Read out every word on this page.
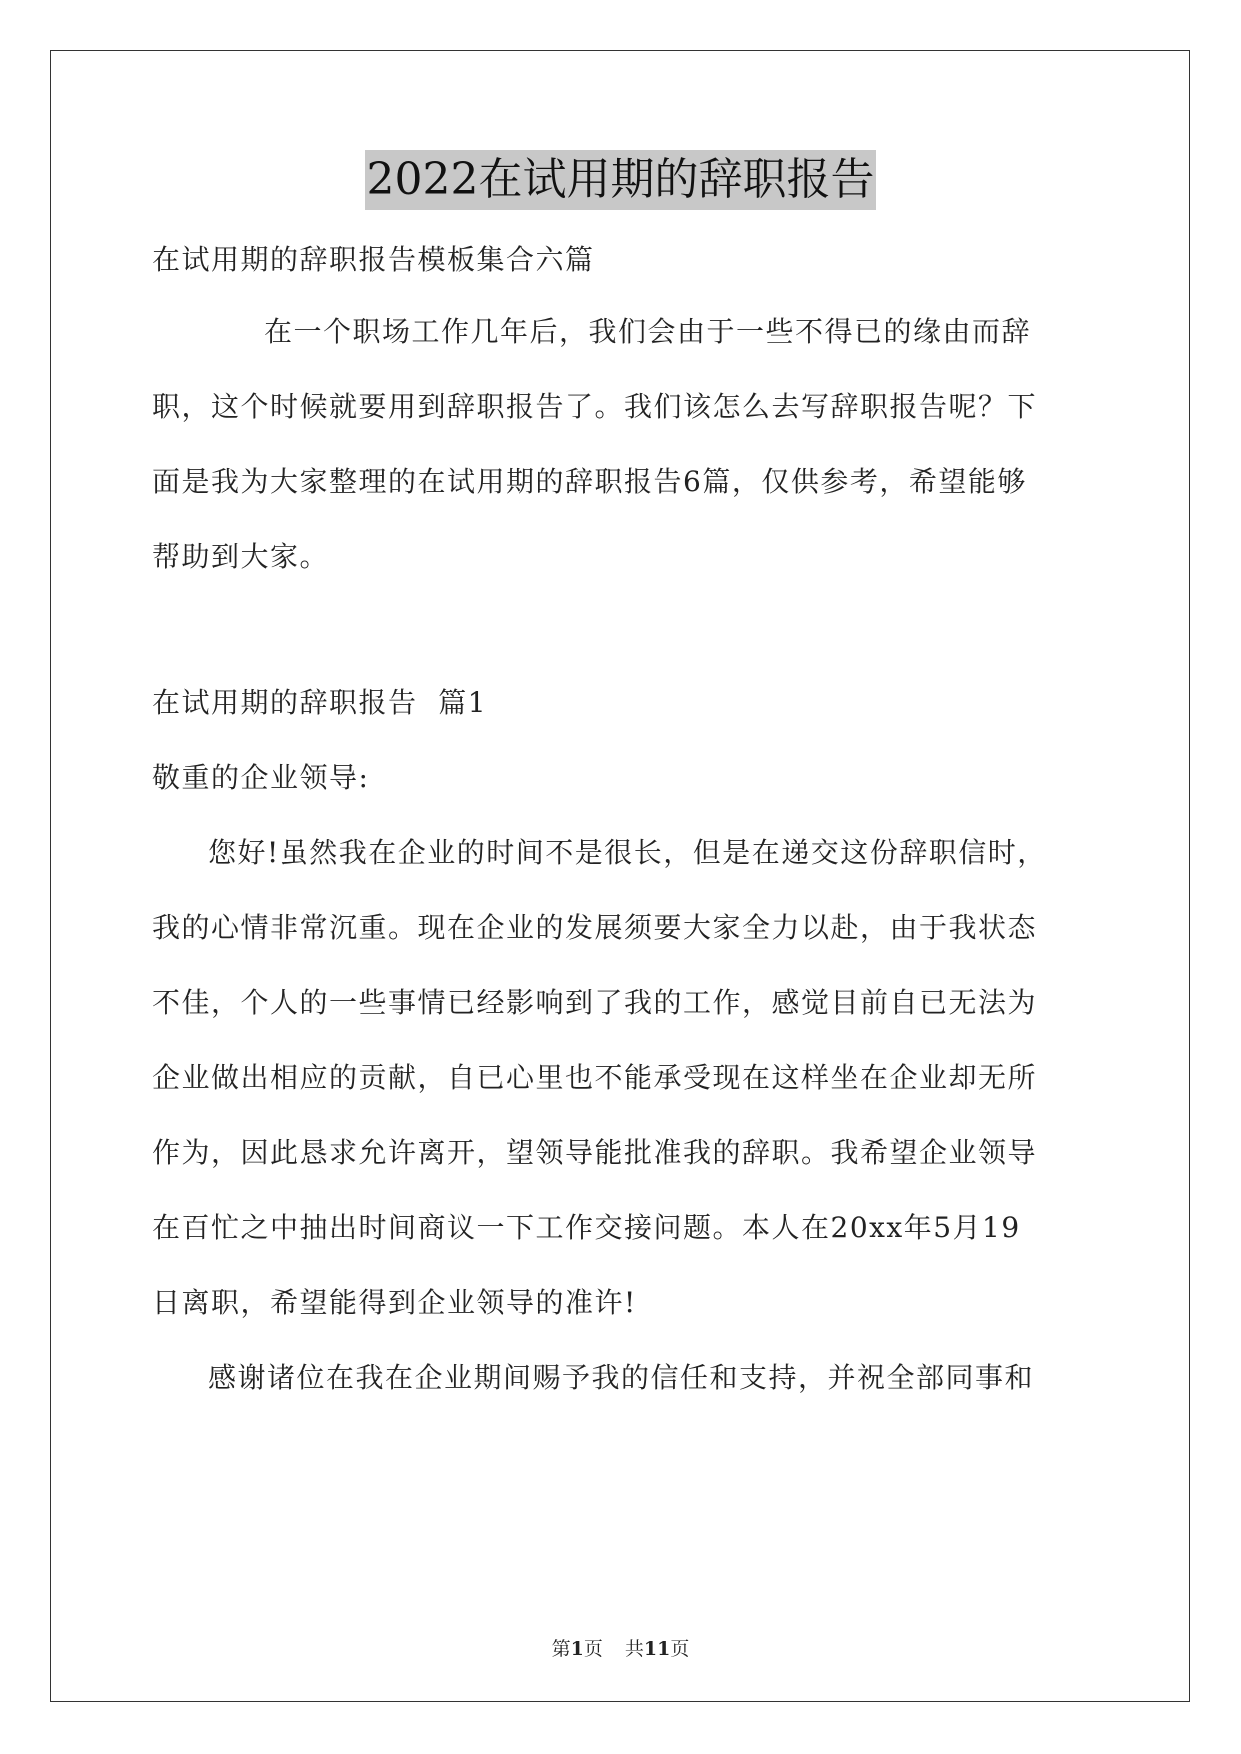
2022在试用期的辞职报告
在试用期的辞职报告模板集合六篇
在一个职场工作几年后，我们会由于一些不得已的缘由而辞
职，这个时候就要用到辞职报告了。我们该怎么去写辞职报告呢？下
面是我为大家整理的在试用期的辞职报告6篇，仅供参考，希望能够
帮助到大家。
在试用期的辞职报告  篇1
敬重的企业领导:
您好!虽然我在企业的时间不是很长，但是在递交这份辞职信时，
我的心情非常沉重。现在企业的发展须要大家全力以赴，由于我状态
不佳，个人的一些事情已经影响到了我的工作，感觉目前自已无法为
企业做出相应的贡献，自已心里也不能承受现在这样坐在企业却无所
作为，因此恳求允许离开，望领导能批准我的辞职。我希望企业领导
在百忙之中抽出时间商议一下工作交接问题。本人在20xx年5月19
日离职，希望能得到企业领导的准许!
感谢诸位在我在企业期间赐予我的信任和支持，并祝全部同事和
第1页 共11页
